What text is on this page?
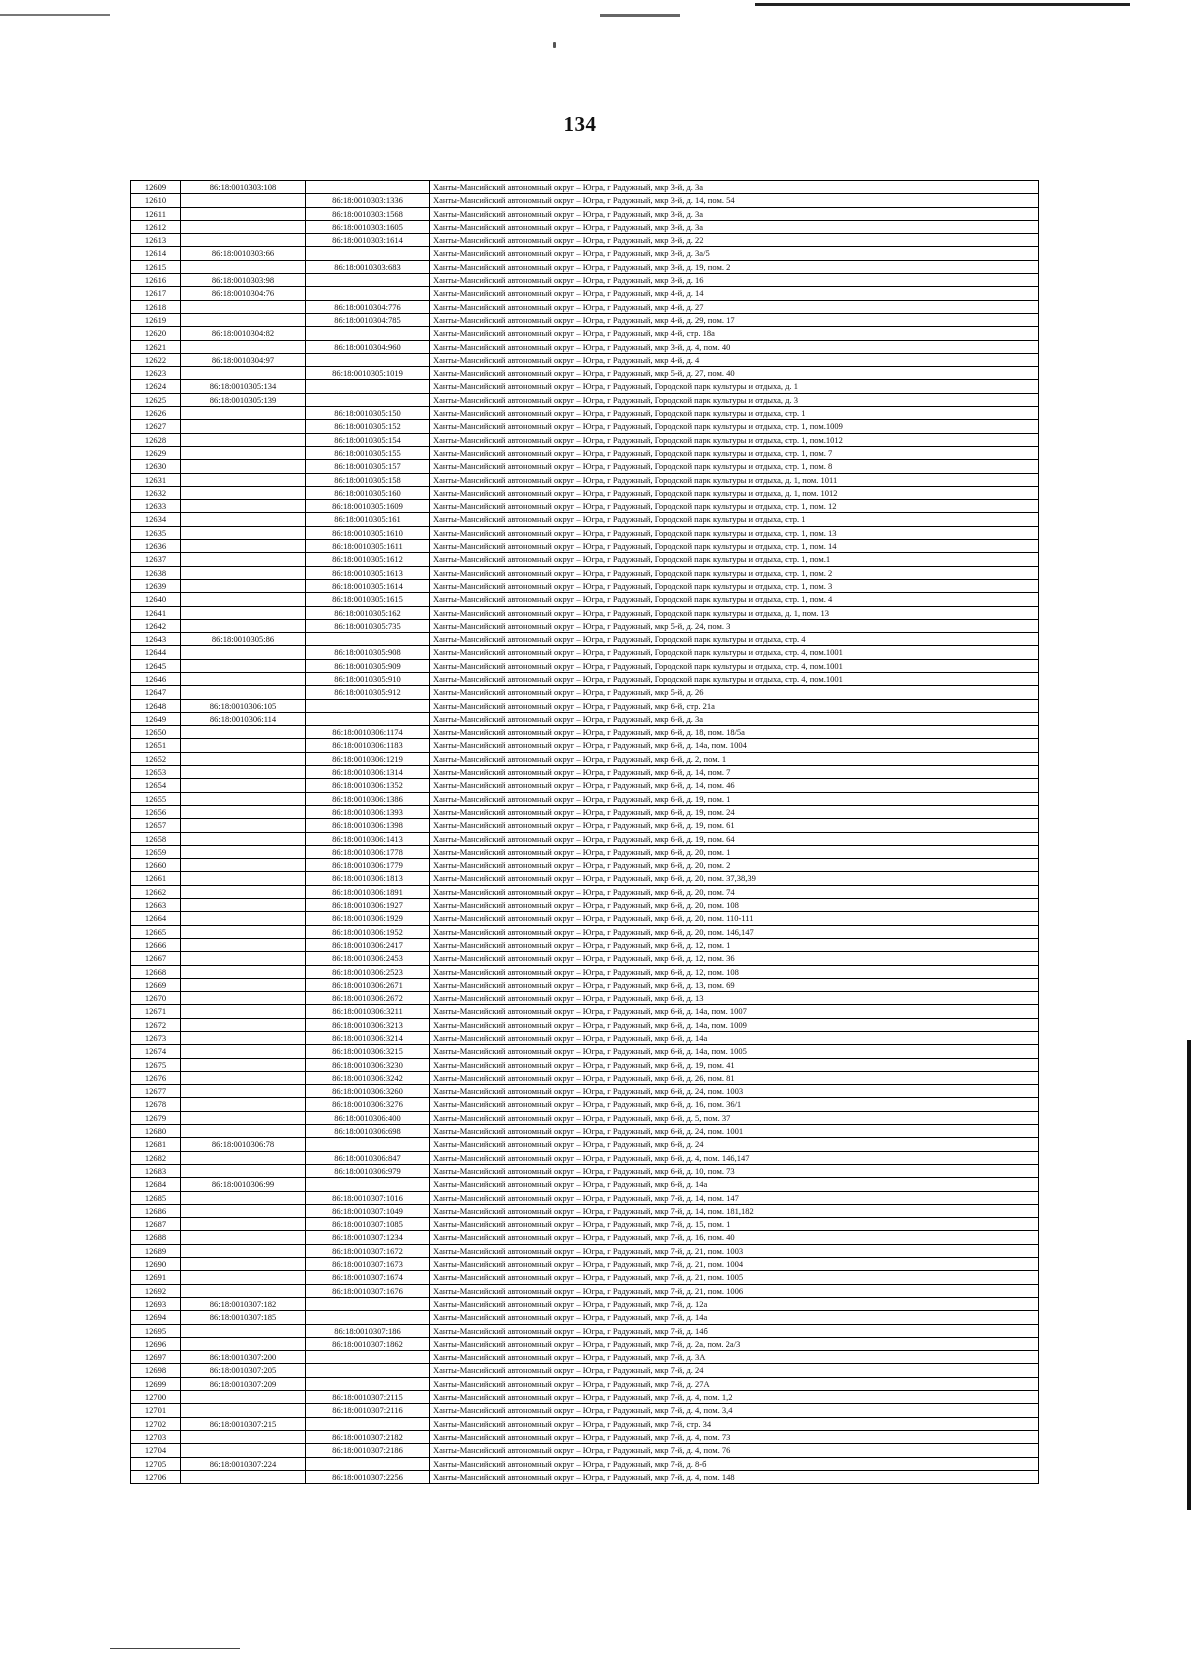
134
12609	86:18:0010303:108		Ханты-Мансийский автономный округ – Югра, г Радужный, мкр 3-й, д. 3а
12610		86:18:0010303:1336	Ханты-Мансийский автономный округ – Югра, г Радужный, мкр 3-й, д. 14, пом. 54
12611		86:18:0010303:1568	Ханты-Мансийский автономный округ – Югра, г Радужный, мкр 3-й, д. 3а
12612		86:18:0010303:1605	Ханты-Мансийский автономный округ – Югра, г Радужный, мкр 3-й, д. 3а
12613		86:18:0010303:1614	Ханты-Мансийский автономный округ – Югра, г Радужный, мкр 3-й, д. 22
12614	86:18:0010303:66		Ханты-Мансийский автономный округ – Югра, г Радужный, мкр 3-й, д. 3а/5
12615		86:18:0010303:683	Ханты-Мансийский автономный округ – Югра, г Радужный, мкр 3-й, д. 19, пом. 2
12616	86:18:0010303:98		Ханты-Мансийский автономный округ – Югра, г Радужный, мкр 3-й, д. 16
12617	86:18:0010304:76		Ханты-Мансийский автономный округ – Югра, г Радужный, мкр 4-й, д. 14
12618		86:18:0010304:776	Ханты-Мансийский автономный округ – Югра, г Радужный, мкр 4-й, д. 27
12619		86:18:0010304:785	Ханты-Мансийский автономный округ – Югра, г Радужный, мкр 4-й, д. 29, пом. 17
12620	86:18:0010304:82		Ханты-Мансийский автономный округ – Югра, г Радужный, мкр 4-й, стр. 18а
12621		86:18:0010304:960	Ханты-Мансийский автономный округ – Югра, г Радужный, мкр 3-й, д. 4, пом. 40
12622	86:18:0010304:97		Ханты-Мансийский автономный округ – Югра, г Радужный, мкр 4-й, д. 4
12623		86:18:0010305:1019	Ханты-Мансийский автономный округ – Югра, г Радужный, мкр 5-й, д. 27, пом. 40
12624	86:18:0010305:134		Ханты-Мансийский автономный округ – Югра, г Радужный, Городской парк культуры и отдыха, д. 1
12625	86:18:0010305:139		Ханты-Мансийский автономный округ – Югра, г Радужный, Городской парк культуры и отдыха, д. 3
12626		86:18:0010305:150	Ханты-Мансийский автономный округ – Югра, г Радужный, Городской парк культуры и отдыха, стр. 1
12627		86:18:0010305:152	Ханты-Мансийский автономный округ – Югра, г Радужный, Городской парк культуры и отдыха, стр. 1, пом.1009
12628		86:18:0010305:154	Ханты-Мансийский автономный округ – Югра, г Радужный, Городской парк культуры и отдыха, стр. 1, пом.1012
12629		86:18:0010305:155	Ханты-Мансийский автономный округ – Югра, г Радужный, Городской парк культуры и отдыха, стр. 1, пом. 7
12630		86:18:0010305:157	Ханты-Мансийский автономный округ – Югра, г Радужный, Городской парк культуры и отдыха, стр. 1, пом. 8
12631		86:18:0010305:158	Ханты-Мансийский автономный округ – Югра, г Радужный, Городской парк культуры и отдыха, д. 1, пом. 1011
12632		86:18:0010305:160	Ханты-Мансийский автономный округ – Югра, г Радужный, Городской парк культуры и отдыха, д. 1, пом. 1012
12633		86:18:0010305:1609	Ханты-Мансийский автономный округ – Югра, г Радужный, Городской парк культуры и отдыха, стр. 1, пом. 12
12634		86:18:0010305:161	Ханты-Мансийский автономный округ – Югра, г Радужный, Городской парк культуры и отдыха, стр. 1
12635		86:18:0010305:1610	Ханты-Мансийский автономный округ – Югра, г Радужный, Городской парк культуры и отдыха, стр. 1, пом. 13
12636		86:18:0010305:1611	Ханты-Мансийский автономный округ – Югра, г Радужный, Городской парк культуры и отдыха, стр. 1, пом. 14
12637		86:18:0010305:1612	Ханты-Мансийский автономный округ – Югра, г Радужный, Городской парк культуры и отдыха, стр. 1, пом.1
12638		86:18:0010305:1613	Ханты-Мансийский автономный округ – Югра, г Радужный, Городской парк культуры и отдыха, стр. 1, пом. 2
12639		86:18:0010305:1614	Ханты-Мансийский автономный округ – Югра, г Радужный, Городской парк культуры и отдыха, стр. 1, пом. 3
12640		86:18:0010305:1615	Ханты-Мансийский автономный округ – Югра, г Радужный, Городской парк культуры и отдыха, стр. 1, пом. 4
12641		86:18:0010305:162	Ханты-Мансийский автономный округ – Югра, г Радужный, Городской парк культуры и отдыха, д. 1, пом. 13
12642		86:18:0010305:735	Ханты-Мансийский автономный округ – Югра, г Радужный, мкр 5-й, д. 24, пом. 3
12643	86:18:0010305:86		Ханты-Мансийский автономный округ – Югра, г Радужный, Городской парк культуры и отдыха, стр. 4
12644		86:18:0010305:908	Ханты-Мансийский автономный округ – Югра, г Радужный, Городской парк культуры и отдыха, стр. 4, пом.1001
12645		86:18:0010305:909	Ханты-Мансийский автономный округ – Югра, г Радужный, Городской парк культуры и отдыха, стр. 4, пом.1001
12646		86:18:0010305:910	Ханты-Мансийский автономный округ – Югра, г Радужный, Городской парк культуры и отдыха, стр. 4, пом.1001
12647		86:18:0010305:912	Ханты-Мансийский автономный округ – Югра, г Радужный, мкр 5-й, д. 26
12648	86:18:0010306:105		Ханты-Мансийский автономный округ – Югра, г Радужный, мкр 6-й, стр. 21а
12649	86:18:0010306:114		Ханты-Мансийский автономный округ – Югра, г Радужный, мкр 6-й, д. 3а
12650		86:18:0010306:1174	Ханты-Мансийский автономный округ – Югра, г Радужный, мкр 6-й, д. 18, пом. 18/5а
12651		86:18:0010306:1183	Ханты-Мансийский автономный округ – Югра, г Радужный, мкр 6-й, д. 14а, пом. 1004
12652		86:18:0010306:1219	Ханты-Мансийский автономный округ – Югра, г Радужный, мкр 6-й, д. 2, пом. 1
12653		86:18:0010306:1314	Ханты-Мансийский автономный округ – Югра, г Радужный, мкр 6-й, д. 14, пом. 7
12654		86:18:0010306:1352	Ханты-Мансийский автономный округ – Югра, г Радужный, мкр 6-й, д. 14, пом. 46
12655		86:18:0010306:1386	Ханты-Мансийский автономный округ – Югра, г Радужный, мкр 6-й, д. 19, пом. 1
12656		86:18:0010306:1393	Ханты-Мансийский автономный округ – Югра, г Радужный, мкр 6-й, д. 19, пом. 24
12657		86:18:0010306:1398	Ханты-Мансийский автономный округ – Югра, г Радужный, мкр 6-й, д. 19, пом. 61
12658		86:18:0010306:1413	Ханты-Мансийский автономный округ – Югра, г Радужный, мкр 6-й, д. 19, пом. 64
12659		86:18:0010306:1778	Ханты-Мансийский автономный округ – Югра, г Радужный, мкр 6-й, д. 20, пом. 1
12660		86:18:0010306:1779	Ханты-Мансийский автономный округ – Югра, г Радужный, мкр 6-й, д. 20, пом. 2
12661		86:18:0010306:1813	Ханты-Мансийский автономный округ – Югра, г Радужный, мкр 6-й, д. 20, пом. 37,38,39
12662		86:18:0010306:1891	Ханты-Мансийский автономный округ – Югра, г Радужный, мкр 6-й, д. 20, пом. 74
12663		86:18:0010306:1927	Ханты-Мансийский автономный округ – Югра, г Радужный, мкр 6-й, д. 20, пом. 108
12664		86:18:0010306:1929	Ханты-Мансийский автономный округ – Югра, г Радужный, мкр 6-й, д. 20, пом. 110-111
12665		86:18:0010306:1952	Ханты-Мансийский автономный округ – Югра, г Радужный, мкр 6-й, д. 20, пом. 146,147
12666		86:18:0010306:2417	Ханты-Мансийский автономный округ – Югра, г Радужный, мкр 6-й, д. 12, пом. 1
12667		86:18:0010306:2453	Ханты-Мансийский автономный округ – Югра, г Радужный, мкр 6-й, д. 12, пом. 36
12668		86:18:0010306:2523	Ханты-Мансийский автономный округ – Югра, г Радужный, мкр 6-й, д. 12, пом. 108
12669		86:18:0010306:2671	Ханты-Мансийский автономный округ – Югра, г Радужный, мкр 6-й, д. 13, пом. 69
12670		86:18:0010306:2672	Ханты-Мансийский автономный округ – Югра, г Радужный, мкр 6-й, д. 13
12671		86:18:0010306:3211	Ханты-Мансийский автономный округ – Югра, г Радужный, мкр 6-й, д. 14а, пом. 1007
12672		86:18:0010306:3213	Ханты-Мансийский автономный округ – Югра, г Радужный, мкр 6-й, д. 14а, пом. 1009
12673		86:18:0010306:3214	Ханты-Мансийский автономный округ – Югра, г Радужный, мкр 6-й, д. 14а
12674		86:18:0010306:3215	Ханты-Мансийский автономный округ – Югра, г Радужный, мкр 6-й, д. 14а, пом. 1005
12675		86:18:0010306:3230	Ханты-Мансийский автономный округ – Югра, г Радужный, мкр 6-й, д. 19, пом. 41
12676		86:18:0010306:3242	Ханты-Мансийский автономный округ – Югра, г Радужный, мкр 6-й, д. 26, пом. 81
12677		86:18:0010306:3260	Ханты-Мансийский автономный округ – Югра, г Радужный, мкр 6-й, д. 24, пом. 1003
12678		86:18:0010306:3276	Ханты-Мансийский автономный округ – Югра, г Радужный, мкр 6-й, д. 16, пом. 36/1
12679		86:18:0010306:400	Ханты-Мансийский автономный округ – Югра, г Радужный, мкр 6-й, д. 5, пом. 37
12680		86:18:0010306:698	Ханты-Мансийский автономный округ – Югра, г Радужный, мкр 6-й, д. 24, пом. 1001
12681	86:18:0010306:78		Ханты-Мансийский автономный округ – Югра, г Радужный, мкр 6-й, д. 24
12682		86:18:0010306:847	Ханты-Мансийский автономный округ – Югра, г Радужный, мкр 6-й, д. 4, пом. 146,147
12683		86:18:0010306:979	Ханты-Мансийский автономный округ – Югра, г Радужный, мкр 6-й, д. 10, пом. 73
12684	86:18:0010306:99		Ханты-Мансийский автономный округ – Югра, г Радужный, мкр 6-й, д. 14а
12685		86:18:0010307:1016	Ханты-Мансийский автономный округ – Югра, г Радужный, мкр 7-й, д. 14, пом. 147
12686		86:18:0010307:1049	Ханты-Мансийский автономный округ – Югра, г Радужный, мкр 7-й, д. 14, пом. 181,182
12687		86:18:0010307:1085	Ханты-Мансийский автономный округ – Югра, г Радужный, мкр 7-й, д. 15, пом. 1
12688		86:18:0010307:1234	Ханты-Мансийский автономный округ – Югра, г Радужный, мкр 7-й, д. 16, пом. 40
12689		86:18:0010307:1672	Ханты-Мансийский автономный округ – Югра, г Радужный, мкр 7-й, д. 21, пом. 1003
12690		86:18:0010307:1673	Ханты-Мансийский автономный округ – Югра, г Радужный, мкр 7-й, д. 21, пом. 1004
12691		86:18:0010307:1674	Ханты-Мансийский автономный округ – Югра, г Радужный, мкр 7-й, д. 21, пом. 1005
12692		86:18:0010307:1676	Ханты-Мансийский автономный округ – Югра, г Радужный, мкр 7-й, д. 21, пом. 1006
12693	86:18:0010307:182		Ханты-Мансийский автономный округ – Югра, г Радужный, мкр 7-й, д. 12а
12694	86:18:0010307:185		Ханты-Мансийский автономный округ – Югра, г Радужный, мкр 7-й, д. 14а
12695		86:18:0010307:186	Ханты-Мансийский автономный округ – Югра, г Радужный, мкр 7-й, д. 14б
12696		86:18:0010307:1862	Ханты-Мансийский автономный округ – Югра, г Радужный, мкр 7-й, д. 2а, пом. 2а/3
12697	86:18:0010307:200		Ханты-Мансийский автономный округ – Югра, г Радужный, мкр 7-й, д. 3А
12698	86:18:0010307:205		Ханты-Мансийский автономный округ – Югра, г Радужный, мкр 7-й, д. 24
12699	86:18:0010307:209		Ханты-Мансийский автономный округ – Югра, г Радужный, мкр 7-й, д. 27А
12700		86:18:0010307:2115	Ханты-Мансийский автономный округ – Югра, г Радужный, мкр 7-й, д. 4, пом. 1,2
12701		86:18:0010307:2116	Ханты-Мансийский автономный округ – Югра, г Радужный, мкр 7-й, д. 4, пом. 3,4
12702	86:18:0010307:215		Ханты-Мансийский автономный округ – Югра, г Радужный, мкр 7-й, стр. 34
12703		86:18:0010307:2182	Ханты-Мансийский автономный округ – Югра, г Радужный, мкр 7-й, д. 4, пом. 73
12704		86:18:0010307:2186	Ханты-Мансийский автономный округ – Югра, г Радужный, мкр 7-й, д. 4, пом. 76
12705	86:18:0010307:224		Ханты-Мансийский автономный округ – Югра, г Радужный, мкр 7-й, д. 8-б
12706		86:18:0010307:2256	Ханты-Мансийский автономный округ – Югра, г Радужный, мкр 7-й, д. 4, пом. 148
